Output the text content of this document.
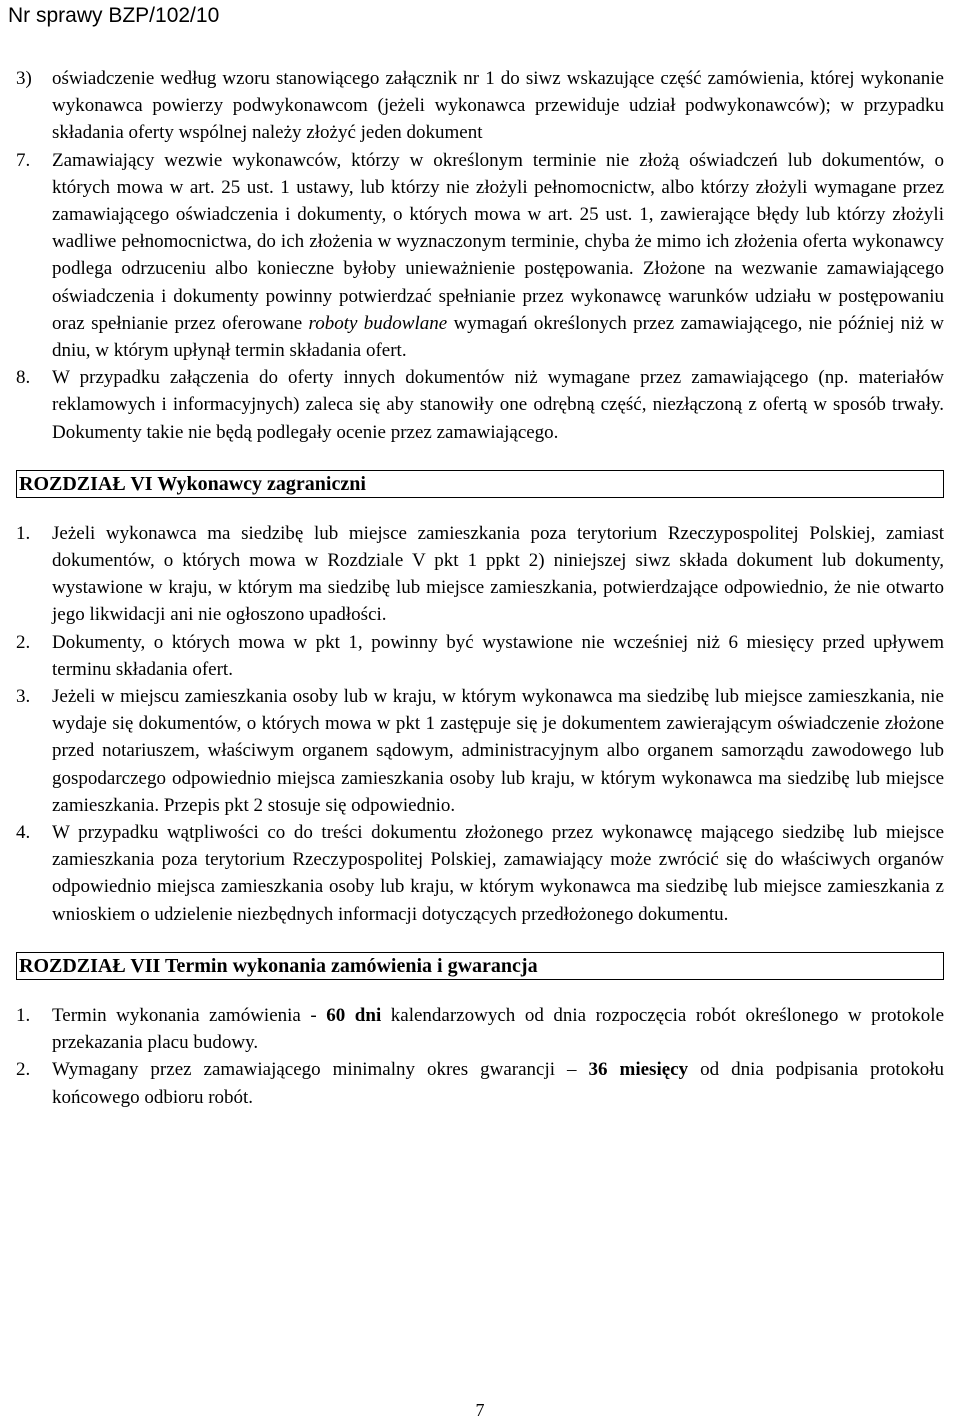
Nr sprawy BZP/102/10
3) oświadczenie według wzoru stanowiącego załącznik nr 1 do siwz wskazujące część zamówienia, której wykonanie wykonawca powierzy podwykonawcom (jeżeli wykonawca przewiduje udział podwykonawców); w przypadku składania oferty wspólnej należy złożyć jeden dokument
7. Zamawiający wezwie wykonawców, którzy w określonym terminie nie złożą oświadczeń lub dokumentów, o których mowa w art. 25 ust. 1 ustawy, lub którzy nie złożyli pełnomocnictw, albo którzy złożyli wymagane przez zamawiającego oświadczenia i dokumenty, o których mowa w art. 25 ust. 1, zawierające błędy lub którzy złożyli wadliwe pełnomocnictwa, do ich złożenia w wyznaczonym terminie, chyba że mimo ich złożenia oferta wykonawcy podlega odrzuceniu albo konieczne byłoby unieważnienie postępowania. Złożone na wezwanie zamawiającego oświadczenia i dokumenty powinny potwierdzać spełnianie przez wykonawcę warunków udziału w postępowaniu oraz spełnianie przez oferowane roboty budowlane wymagań określonych przez zamawiającego, nie później niż w dniu, w którym upłynął termin składania ofert.
8. W przypadku załączenia do oferty innych dokumentów niż wymagane przez zamawiającego (np. materiałów reklamowych i informacyjnych) zaleca się aby stanowiły one odrębną część, niezłączoną z ofertą w sposób trwały. Dokumenty takie nie będą podlegały ocenie przez zamawiającego.
ROZDZIAŁ VI Wykonawcy zagraniczni
1. Jeżeli wykonawca ma siedzibę lub miejsce zamieszkania poza terytorium Rzeczypospolitej Polskiej, zamiast dokumentów, o których mowa w Rozdziale V pkt 1 ppkt 2) niniejszej siwz składa dokument lub dokumenty, wystawione w kraju, w którym ma siedzibę lub miejsce zamieszkania, potwierdzające odpowiednio, że nie otwarto jego likwidacji ani nie ogłoszono upadłości.
2. Dokumenty, o których mowa w pkt 1, powinny być wystawione nie wcześniej niż 6 miesięcy przed upływem terminu składania ofert.
3. Jeżeli w miejscu zamieszkania osoby lub w kraju, w którym wykonawca ma siedzibę lub miejsce zamieszkania, nie wydaje się dokumentów, o których mowa w pkt 1 zastępuje się je dokumentem zawierającym oświadczenie złożone przed notariuszem, właściwym organem sądowym, administracyjnym albo organem samorządu zawodowego lub gospodarczego odpowiednio miejsca zamieszkania osoby lub kraju, w którym wykonawca ma siedzibę lub miejsce zamieszkania. Przepis pkt 2 stosuje się odpowiednio.
4. W przypadku wątpliwości co do treści dokumentu złożonego przez wykonawcę mającego siedzibę lub miejsce zamieszkania poza terytorium Rzeczypospolitej Polskiej, zamawiający może zwrócić się do właściwych organów odpowiednio miejsca zamieszkania osoby lub kraju, w którym wykonawca ma siedzibę lub miejsce zamieszkania z wnioskiem o udzielenie niezbędnych informacji dotyczących przedłożonego dokumentu.
ROZDZIAŁ VII Termin wykonania zamówienia i gwarancja
1. Termin wykonania zamówienia - 60 dni kalendarzowych od dnia rozpoczęcia robót określonego w protokole przekazania placu budowy.
2. Wymagany przez zamawiającego minimalny okres gwarancji – 36 miesięcy od dnia podpisania protokołu końcowego odbioru robót.
7
